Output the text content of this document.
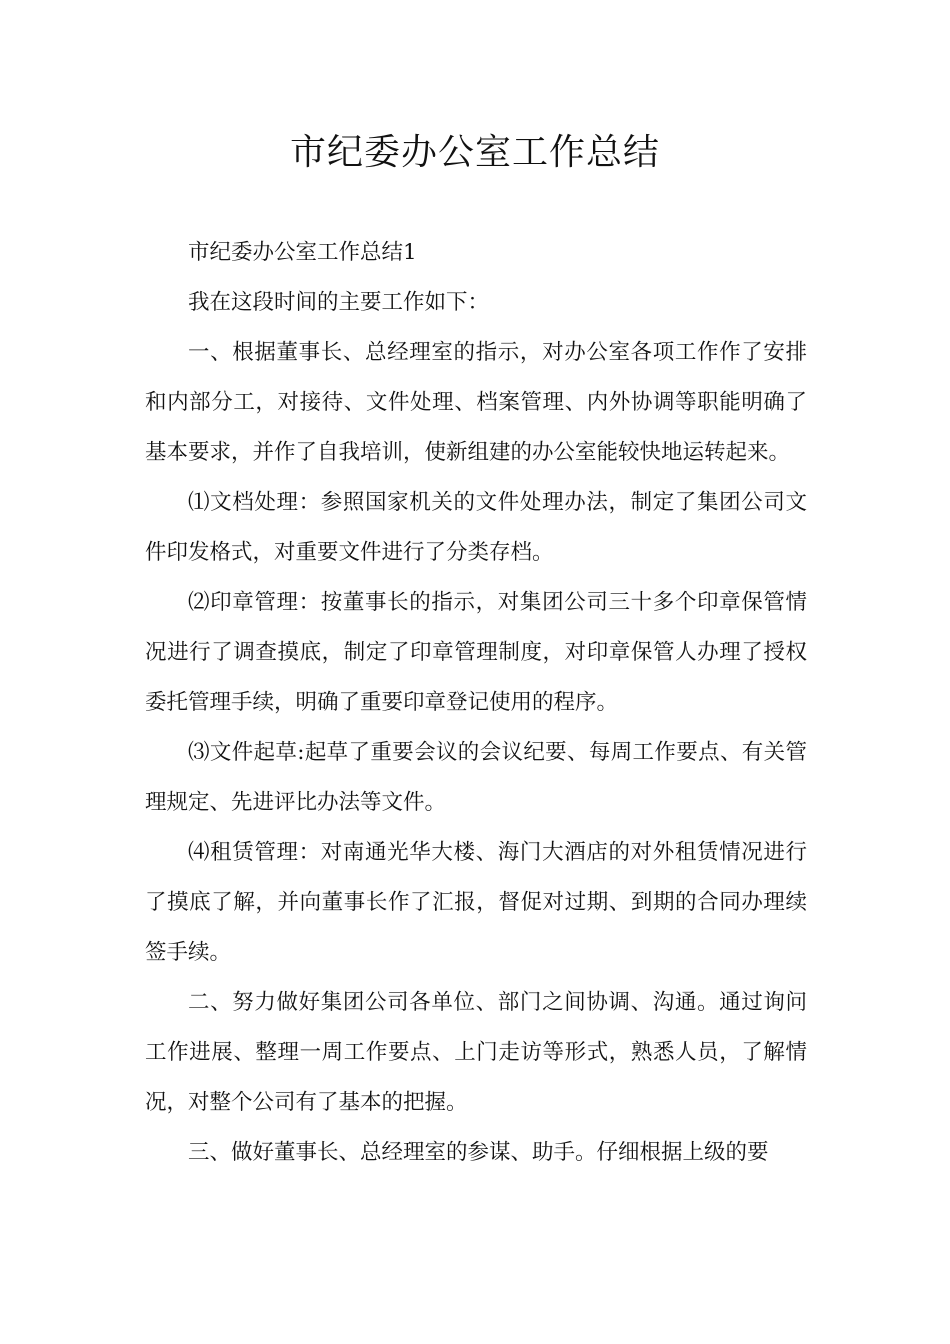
市纪委办公室工作总结

市纪委办公室工作总结1

我在这段时间的主要工作如下：

一、根据董事长、总经理室的指示，对办公室各项工作作了安排和内部分工，对接待、文件处理、档案管理、内外协调等职能明确了基本要求，并作了自我培训，使新组建的办公室能较快地运转起来。

⑴文档处理：参照国家机关的文件处理办法，制定了集团公司文件印发格式，对重要文件进行了分类存档。

⑵印章管理：按董事长的指示，对集团公司三十多个印章保管情况进行了调查摸底，制定了印章管理制度，对印章保管人办理了授权委托管理手续，明确了重要印章登记使用的程序。

⑶文件起草:起草了重要会议的会议纪要、每周工作要点、有关管理规定、先进评比办法等文件。

⑷租赁管理：对南通光华大楼、海门大酒店的对外租赁情况进行了摸底了解，并向董事长作了汇报，督促对过期、到期的合同办理续签手续。

二、努力做好集团公司各单位、部门之间协调、沟通。通过询问工作进展、整理一周工作要点、上门走访等形式，熟悉人员，了解情况，对整个公司有了基本的把握。

三、做好董事长、总经理室的参谋、助手。仔细根据上级的要
